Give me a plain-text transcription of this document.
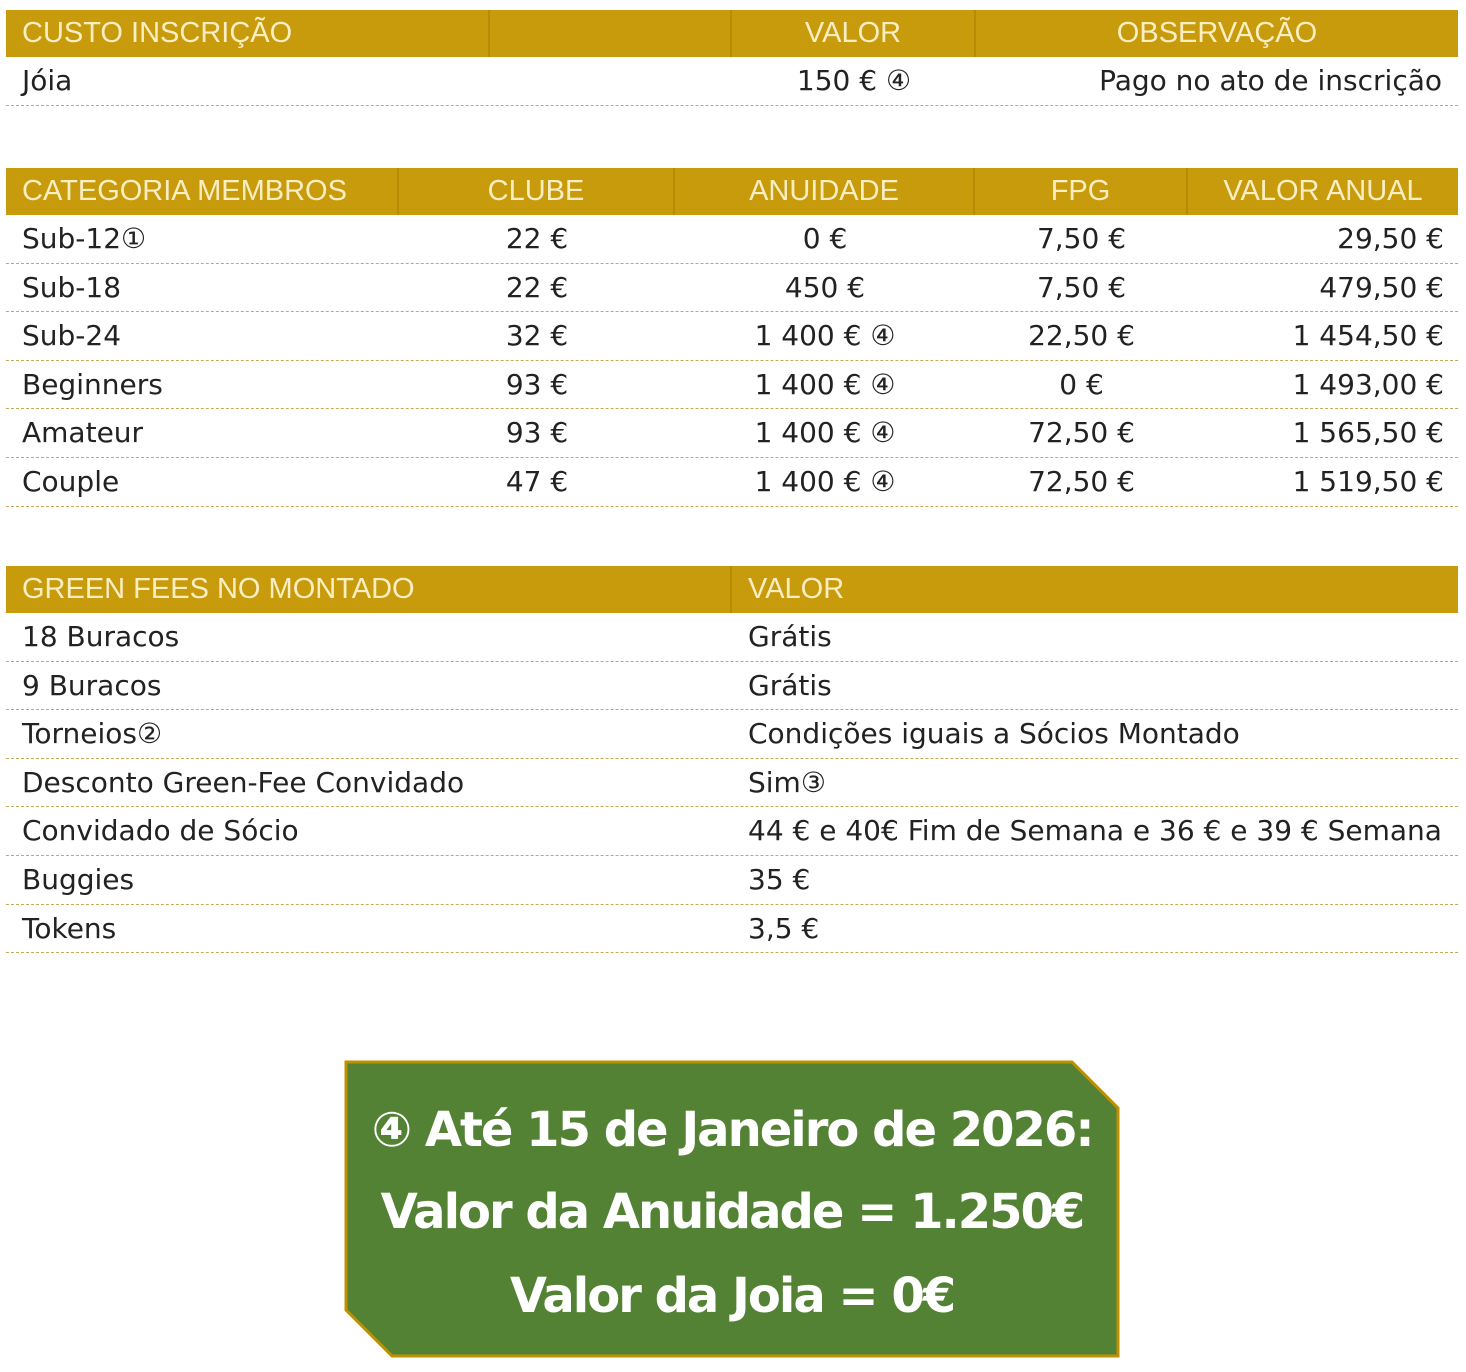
CUSTO INSCRIÇÃO	VALOR	OBSERVAÇÃO
Jóia	150 € ④	Pago no ato de inscrição
CATEGORIA MEMBROS	CLUBE	ANUIDADE	FPG	VALOR ANUAL
Sub-12①	22 €	0 €	7,50 €	29,50 €
Sub-18	22 €	450 €	7,50 €	479,50 €
Sub-24	32 €	1 400 € ④	22,50 €	1 454,50 €
Beginners	93 €	1 400 € ④	0 €	1 493,00 €
Amateur	93 €	1 400 € ④	72,50 €	1 565,50 €
Couple	47 €	1 400 € ④	72,50 €	1 519,50 €
GREEN FEES NO MONTADO	VALOR
18 Buracos	Grátis
9 Buracos	Grátis
Torneios②	Condições iguais a Sócios Montado
Desconto Green-Fee Convidado	Sim③
Convidado de Sócio	44 € e 40€ Fim de Semana e 36 € e 39 € Semana
Buggies	35 €
Tokens	3,5 €
④ Até 15 de Janeiro de 2026:
Valor da Anuidade = 1.250€
Valor da Joia = 0€
